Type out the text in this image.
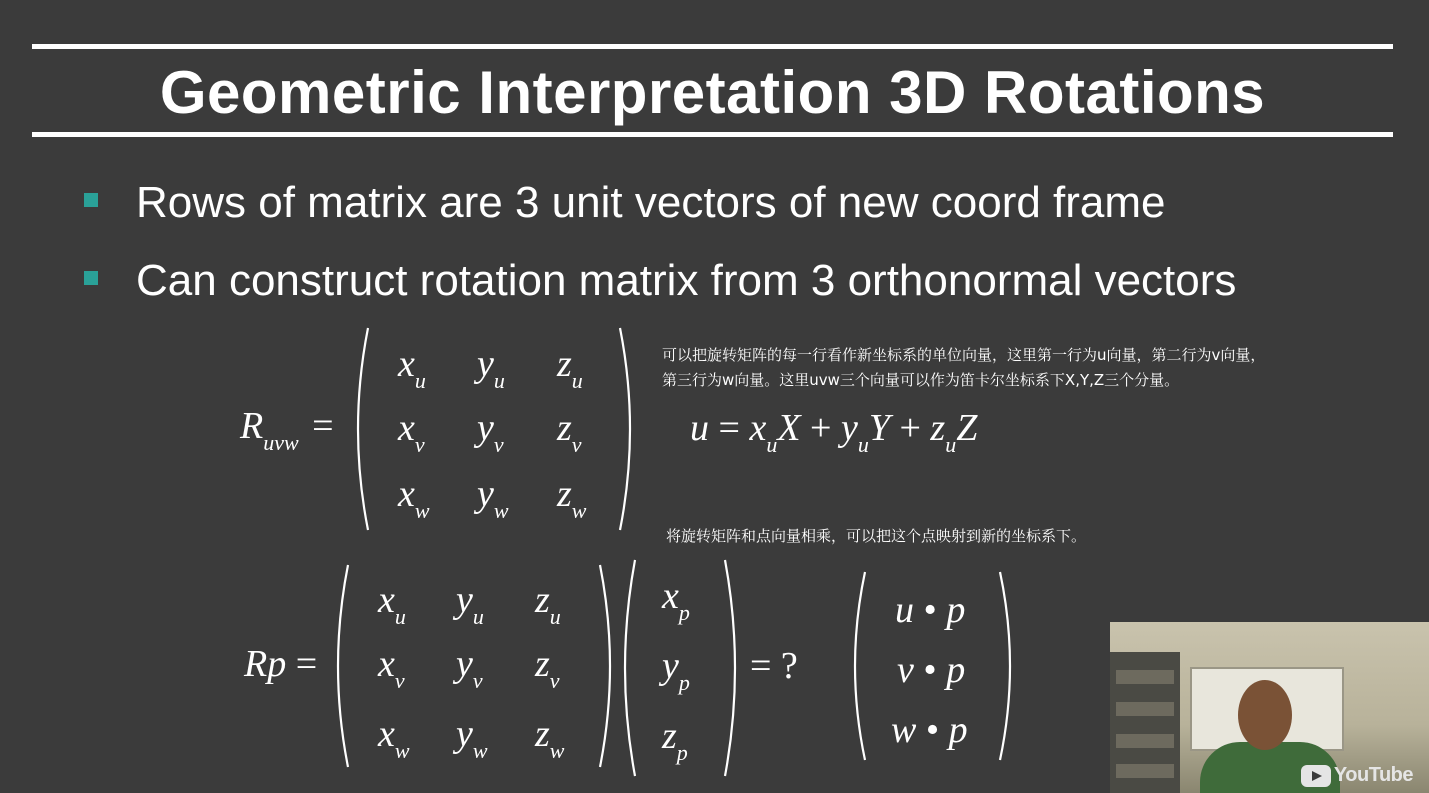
Geometric Interpretation 3D Rotations
Rows of matrix are 3 unit vectors of new coord frame
Can construct rotation matrix from 3 orthonormal vectors
$R_{uvw}$ =
$x_u$ $y_u$ $z_u$
$x_v$ $y_v$ $z_v$
$x_w$ $y_w$ $z_w$
可以把旋转矩阵的每一行看作新坐标系的单位向量，这里第一行为u向量，第二行为v向量，
第三行为w向量。这里uvw三个向量可以作为笛卡尔坐标系下X,Y,Z三个分量。
将旋转矩阵和点向量相乘，可以把这个点映射到新的坐标系下。
$u = x_uX + y_uY + z_uZ$
Rp =
$x_u$ $y_u$ $z_u$
$x_v$ $y_v$ $z_v$
$x_w$ $y_w$ $z_w$
$x_p$
$y_p$
$z_p$
= ?
u • p
v • p
w • p
YouTube
